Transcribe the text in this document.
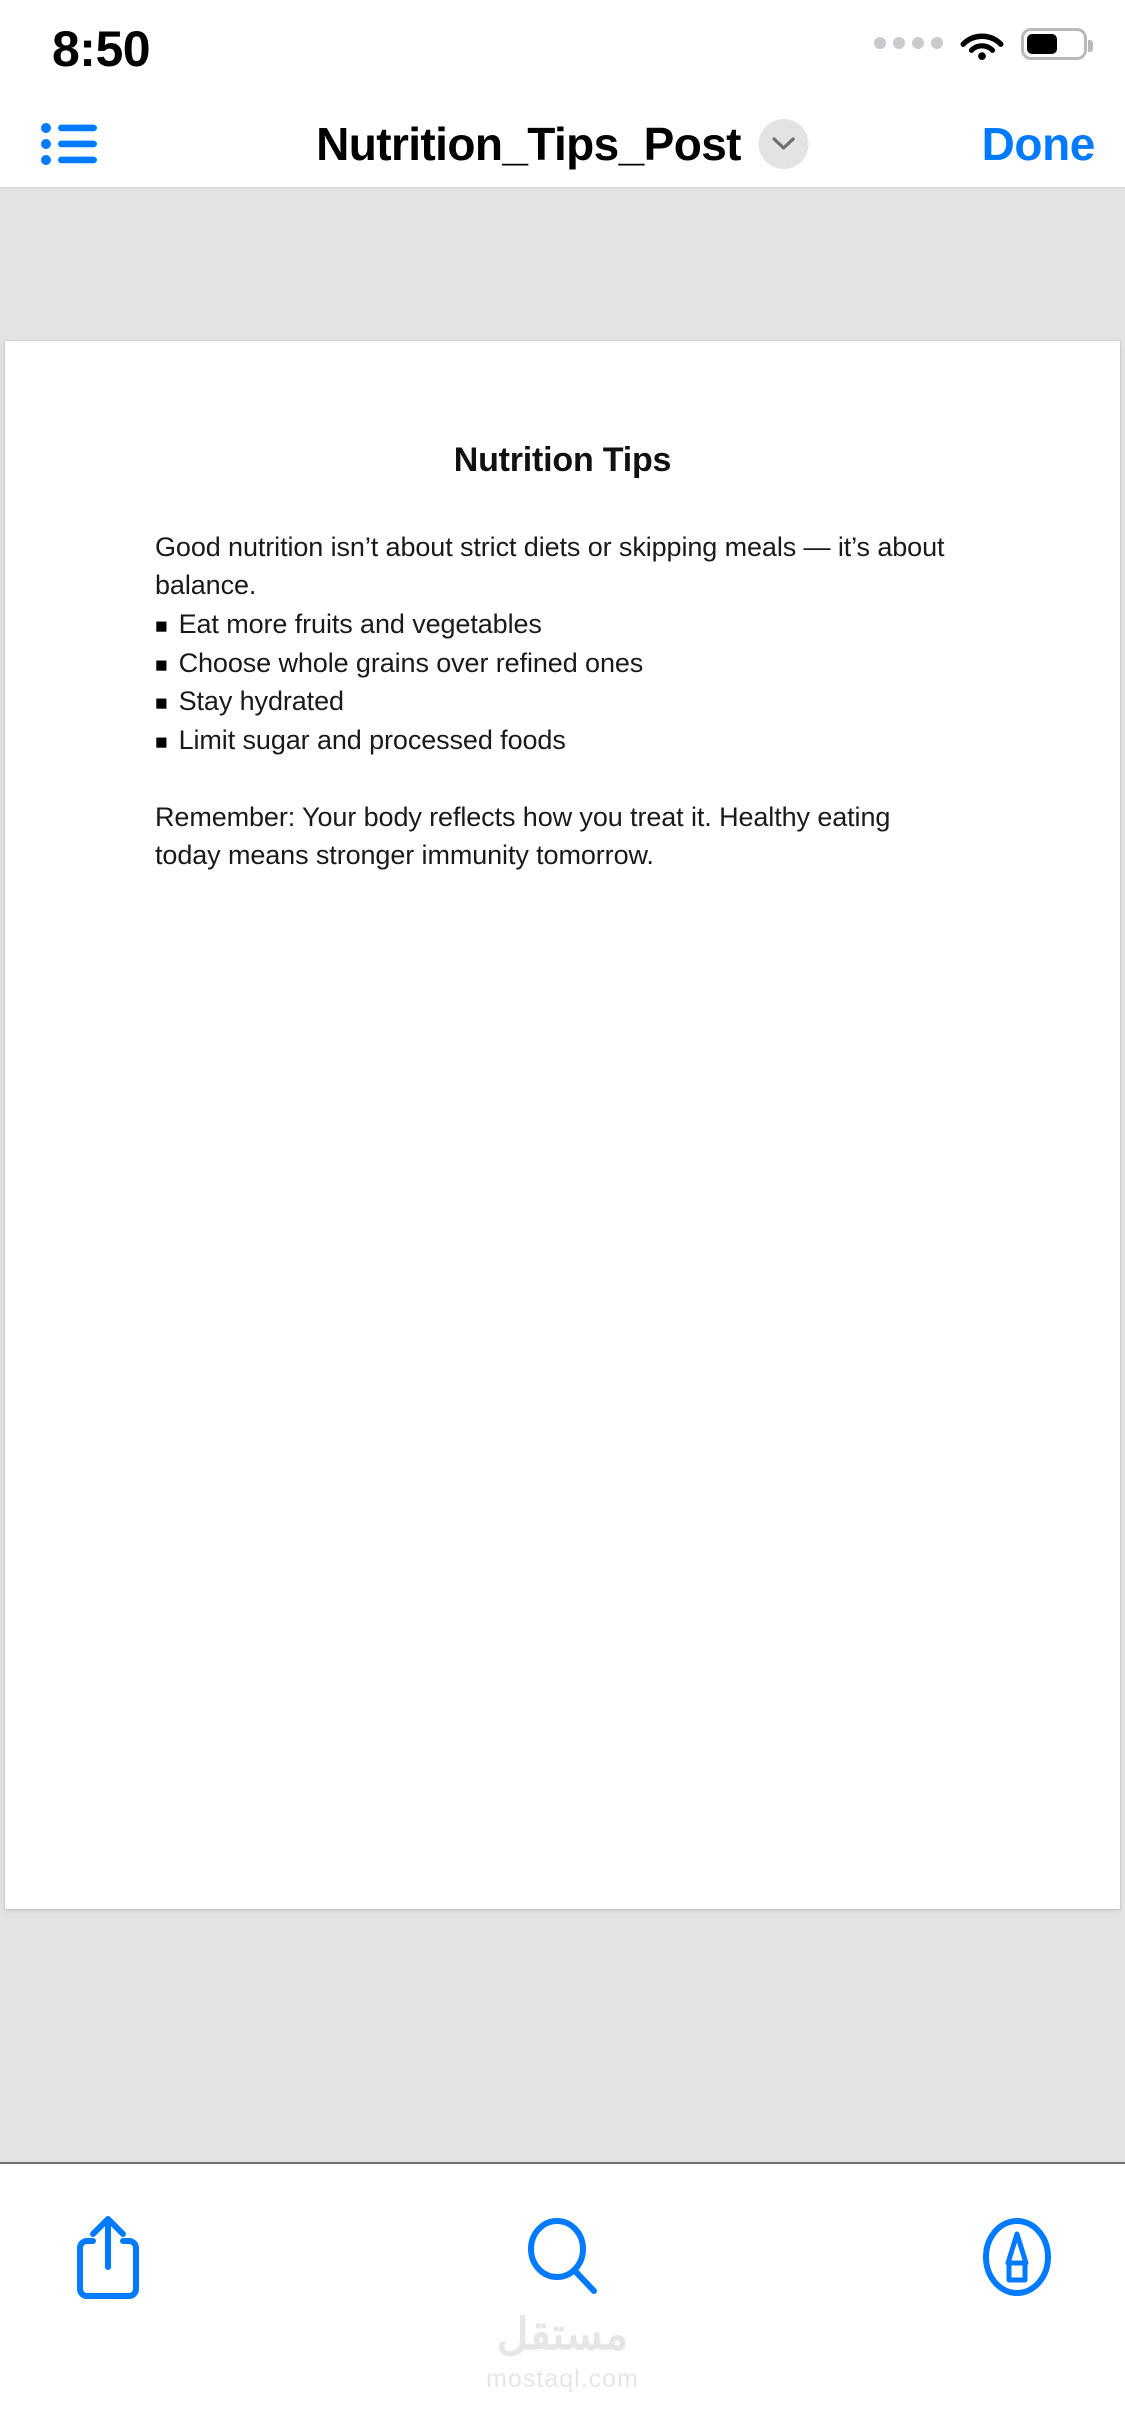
8:50
Nutrition_Tips_Post	Done
Nutrition Tips
Good nutrition isn’t about strict diets or skipping meals — it’s about balance.
■ Eat more fruits and vegetables
■ Choose whole grains over refined ones
■ Stay hydrated
■ Limit sugar and processed foods
Remember: Your body reflects how you treat it. Healthy eating today means stronger immunity tomorrow.
مستقل
mostaql.com
